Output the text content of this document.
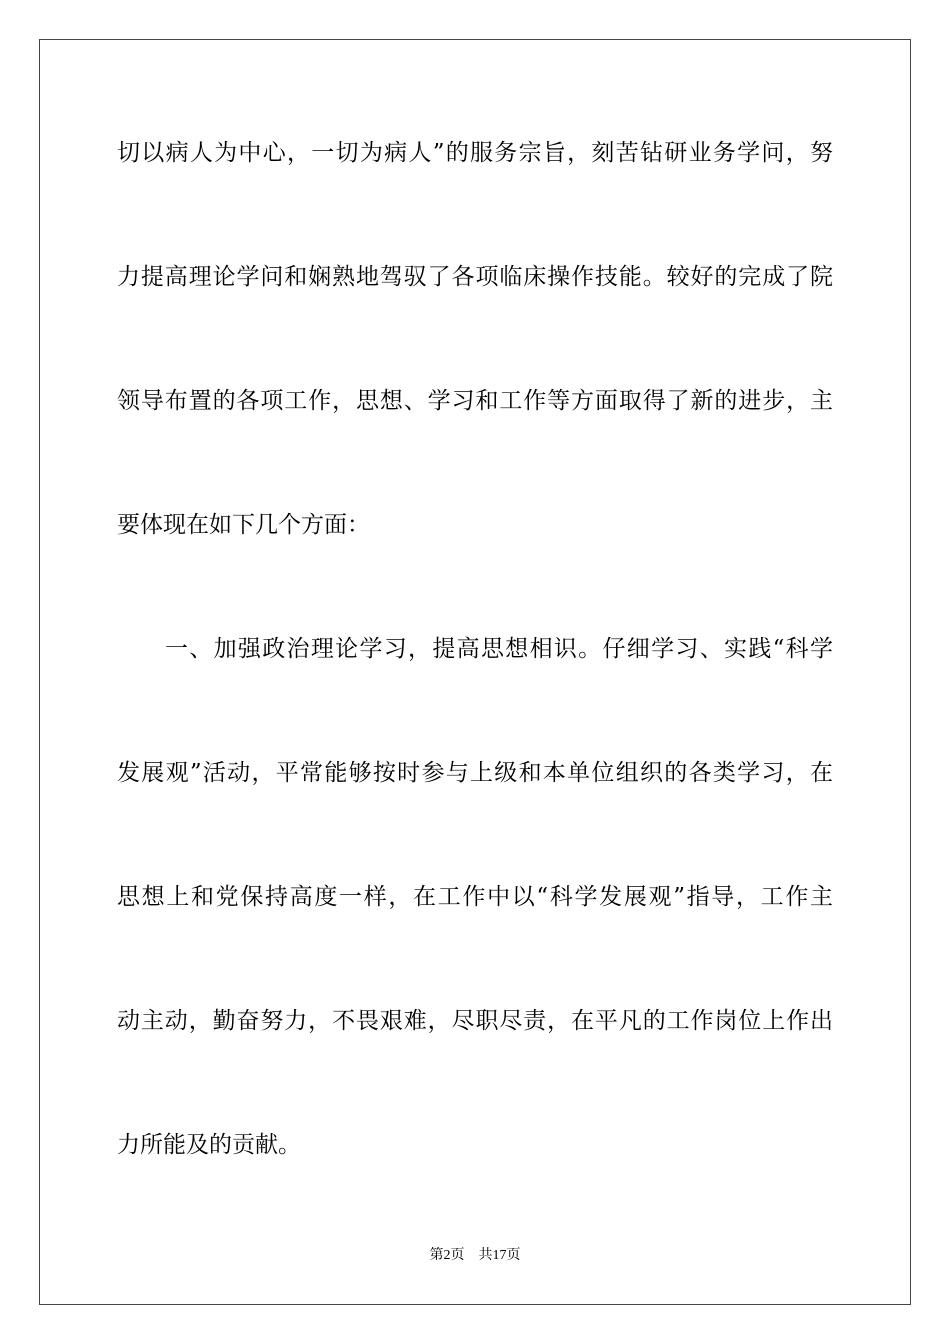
切以病人为中心，一切为病人”的服务宗旨，刻苦钻研业务学问，努
力提高理论学问和娴熟地驾驭了各项临床操作技能。较好的完成了院
领导布置的各项工作，思想、学习和工作等方面取得了新的进步，主
要体现在如下几个方面：
一、加强政治理论学习，提高思想相识。仔细学习、实践“科学
发展观”活动，平常能够按时参与上级和本单位组织的各类学习，在
思想上和党保持高度一样，在工作中以“科学发展观”指导，工作主
动主动，勤奋努力，不畏艰难，尽职尽责，在平凡的工作岗位上作出
力所能及的贡献。
第2页 共17页
